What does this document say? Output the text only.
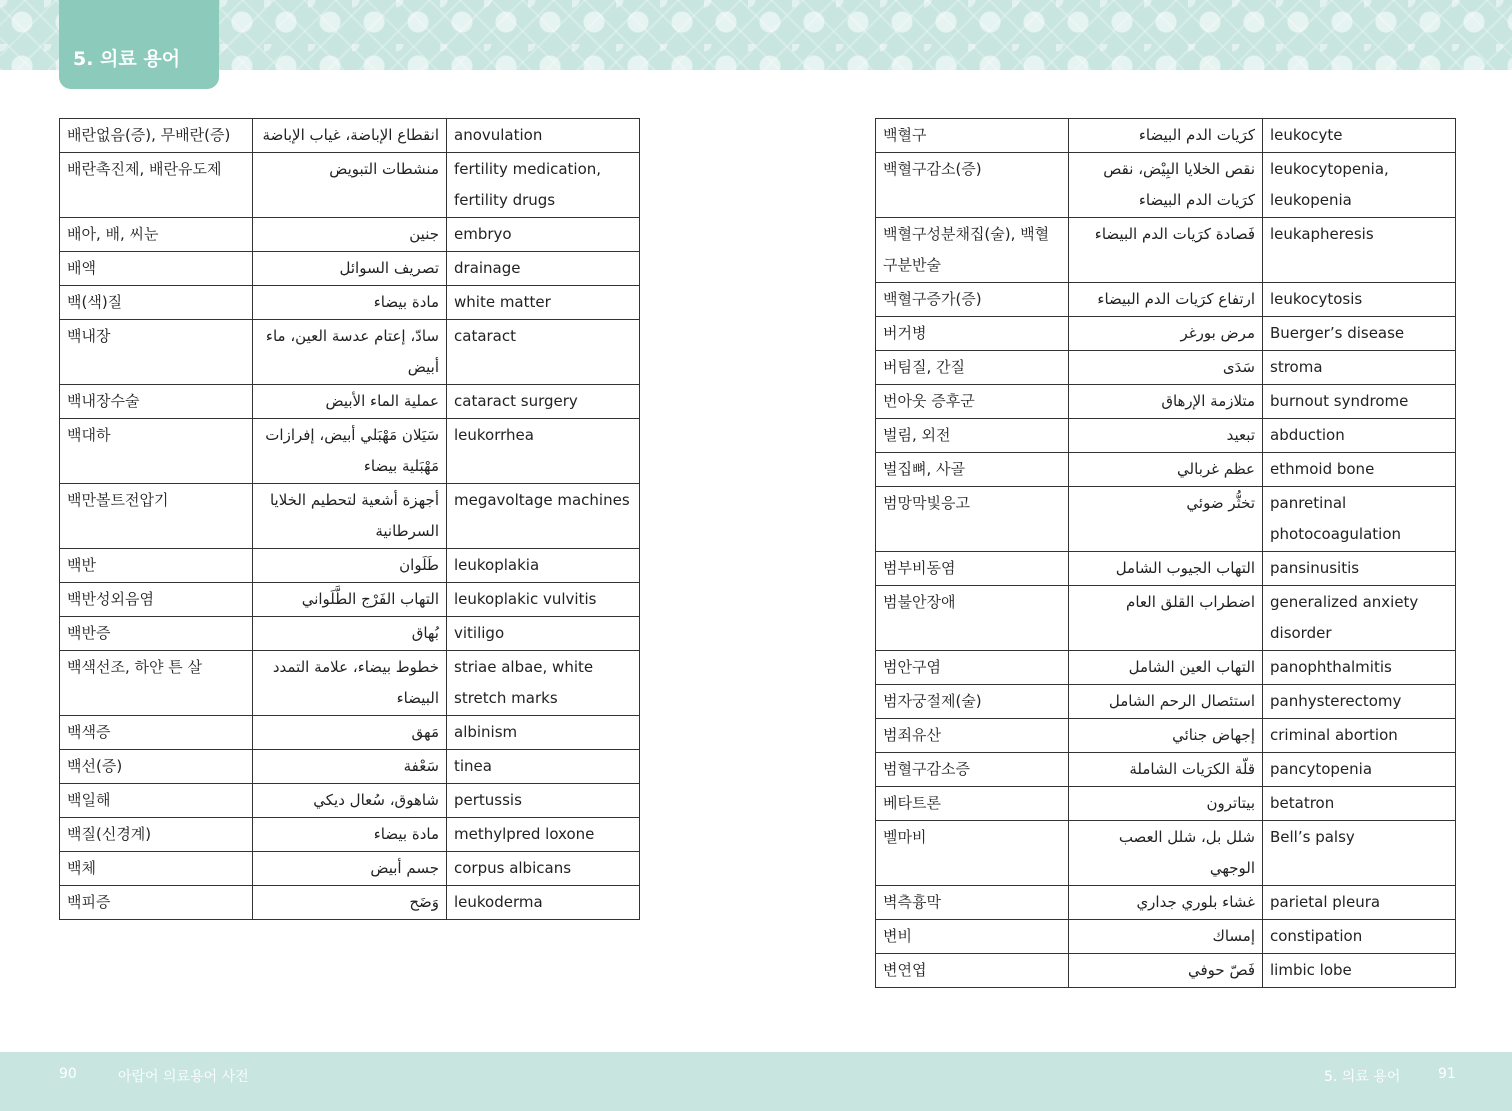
5. 의료 용어
배란없음(증), 무배란(증)	انقطاع الإباضة، غياب الإباضة	anovulation
배란촉진제, 배란유도제	منشطات التبويض	fertility medication, fertility drugs
배아, 배, 씨눈	جنين	embryo
배액	تصريف السوائل	drainage
백(색)질	مادة بيضاء	white matter
백내장	سادّ، إعتام عدسة العين، ماء أبيض	cataract
백내장수술	عملية الماء الأبيض	cataract surgery
백대하	سَيَلان مَهْبَلي أبيض، إفرازات مَهْبَلية بيضاء	leukorrhea
백만볼트전압기	أجهزة أشعية لتحطيم الخلايا السرطانية	megavoltage machines
백반	طَلَوان	leukoplakia
백반성외음염	التهاب الفَرْج الطَّلَواني	leukoplakic vulvitis
백반증	بُهاق	vitiligo
백색선조, 하얀 튼 살	خطوط بيضاء، علامة التمدد البيضاء	striae albae, white stretch marks
백색증	مَهق	albinism
백선(증)	سَعْفة	tinea
백일해	شاهوق، سُعال ديكي	pertussis
백질(신경계)	مادة بيضاء	methylpred loxone
백체	جسم أبيض	corpus albicans
백피증	وَضَح	leukoderma
백혈구	كرَيات الدم البيضاء	leukocyte
백혈구감소(증)	نقص الخلايا البِيْض، نقص كرَيات الدم البيضاء	leukocytopenia, leukopenia
백혈구성분채집(술), 백혈구분반술	فَصادة كرَيات الدم البيضاء	leukapheresis
백혈구증가(증)	ارتفاع كرَيات الدم البيضاء	leukocytosis
버거병	مرض بورغر	Buerger’s disease
버팀질, 간질	سَدَى	stroma
번아웃 증후군	متلازمة الإرهاق	burnout syndrome
벌림, 외전	تبعيد	abduction
벌집뼈, 사골	عظم غربالي	ethmoid bone
범망막빛응고	تخثُّر ضوئي	panretinal photocoagulation
범부비동염	التهاب الجيوب الشامل	pansinusitis
범불안장애	اضطراب القلق العام	generalized anxiety disorder
범안구염	التهاب العين الشامل	panophthalmitis
범자궁절제(술)	استئصال الرحم الشامل	panhysterectomy
범죄유산	إجهاض جنائي	criminal abortion
범혈구감소증	قلّة الكرَيات الشاملة	pancytopenia
베타트론	بيتاترون	betatron
벨마비	شلل بل، شلل العصب الوجهي	Bell’s palsy
벽측흉막	غشاء بلوري جداري	parietal pleura
변비	إمساك	constipation
변연엽	فَصّ حوفي	limbic lobe
90	아랍어 의료용어 사전	5. 의료 용어	91
